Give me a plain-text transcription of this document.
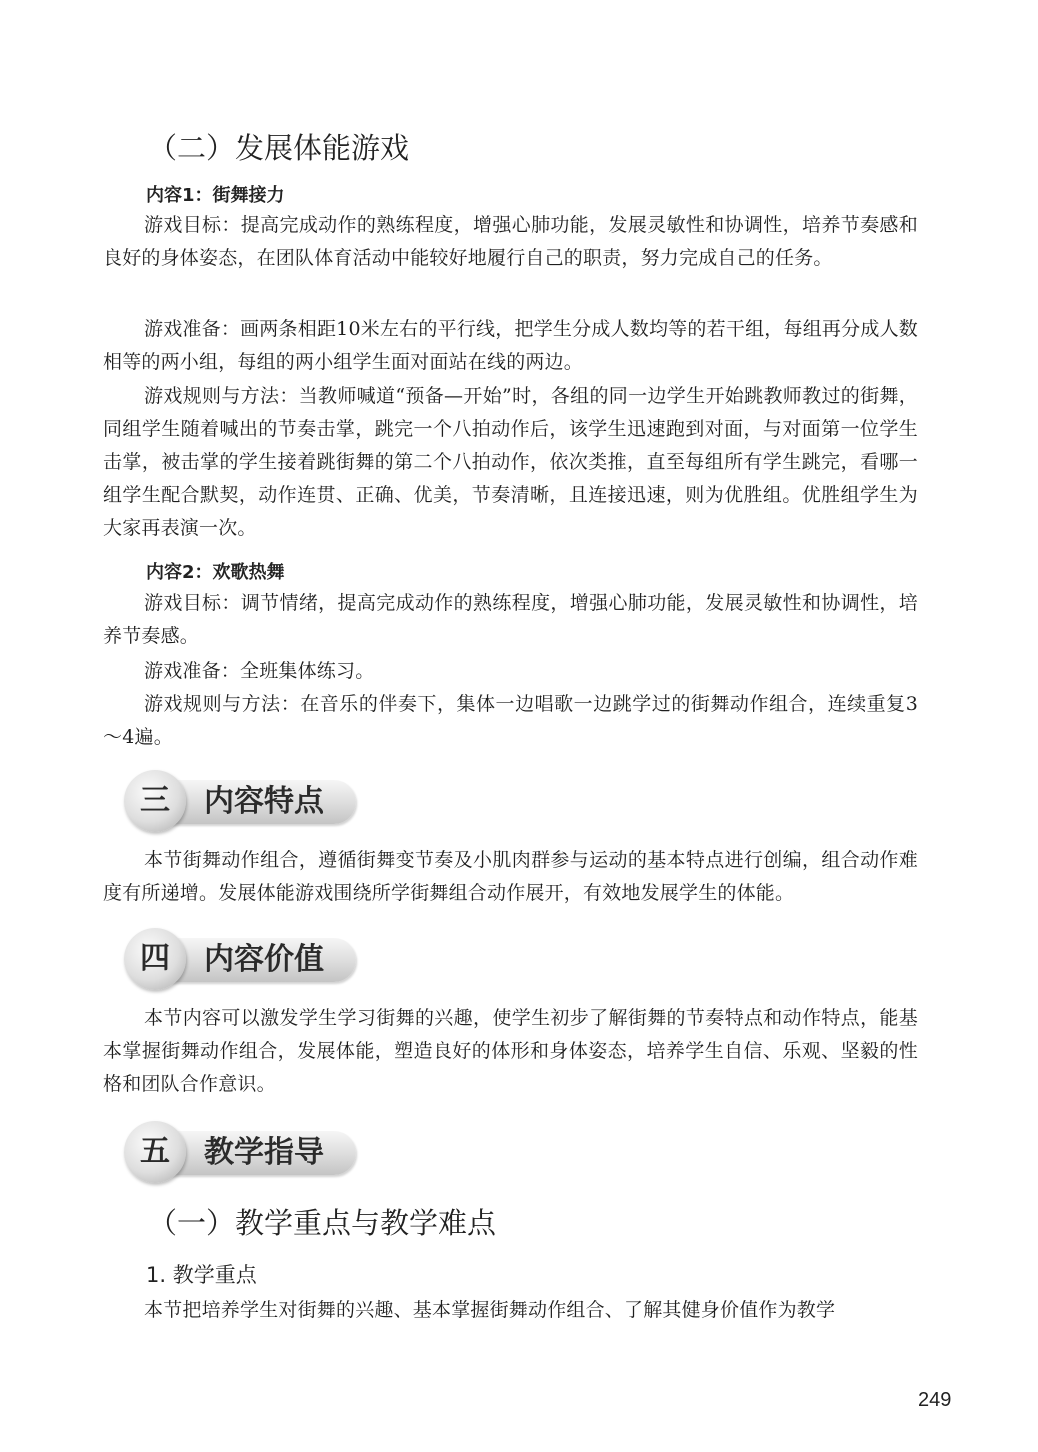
（二）发展体能游戏
内容1：街舞接力

游戏目标：提高完成动作的熟练程度，增强心肺功能，发展灵敏性和协调性，培养节奏感和良好的身体姿态，在团队体育活动中能较好地履行自己的职责，努力完成自己的任务。

游戏准备：画两条相距10米左右的平行线，把学生分成人数均等的若干组，每组再分成人数相等的两小组，每组的两小组学生面对面站在线的两边。

游戏规则与方法：当教师喊道“预备—开始”时，各组的同一边学生开始跳教师教过的街舞，同组学生随着喊出的节奏击掌，跳完一个八拍动作后，该学生迅速跑到对面，与对面第一位学生击掌，被击掌的学生接着跳街舞的第二个八拍动作，依次类推，直至每组所有学生跳完，看哪一组学生配合默契，动作连贯、正确、优美，节奏清晰，且连接迅速，则为优胜组。优胜组学生为大家再表演一次。

内容2：欢歌热舞

游戏目标：调节情绪，提高完成动作的熟练程度，增强心肺功能，发展灵敏性和协调性，培养节奏感。

游戏准备：全班集体练习。

游戏规则与方法：在音乐的伴奏下，集体一边唱歌一边跳学过的街舞动作组合，连续重复3～4遍。

三	内容特点

本节街舞动作组合，遵循街舞变节奏及小肌肉群参与运动的基本特点进行创编，组合动作难度有所递增。发展体能游戏围绕所学街舞组合动作展开，有效地发展学生的体能。

四	内容价值

本节内容可以激发学生学习街舞的兴趣，使学生初步了解街舞的节奏特点和动作特点，能基本掌握街舞动作组合，发展体能，塑造良好的体形和身体姿态，培养学生自信、乐观、坚毅的性格和团队合作意识。

五	教学指导
（一）教学重点与教学难点
1. 教学重点

本节把培养学生对街舞的兴趣、基本掌握街舞动作组合、了解其健身价值作为教学

249
